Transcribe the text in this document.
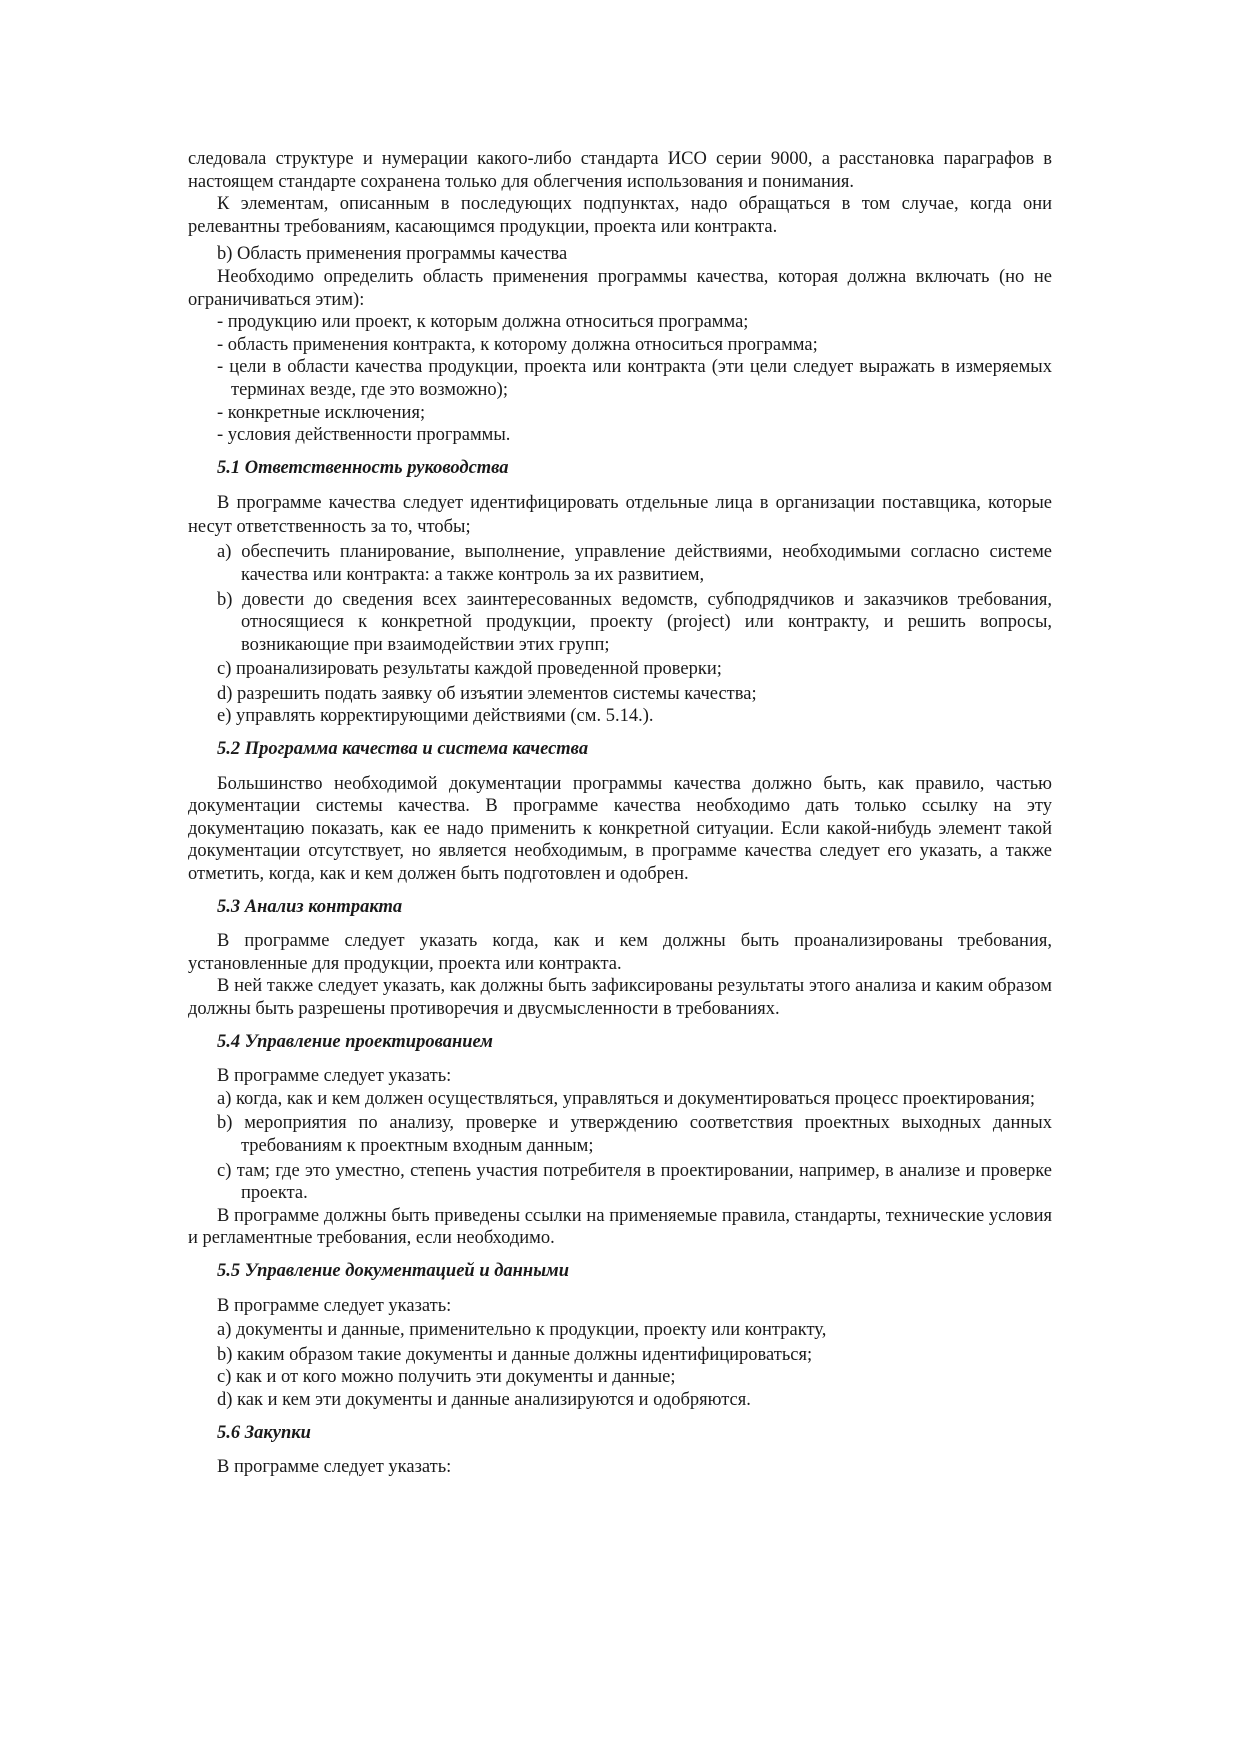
следовала структуре и нумерации какого-либо стандарта ИСО серии 9000, а расстановка параграфов в настоящем стандарте сохранена только для облегчения использования и понимания.

К элементам, описанным в последующих подпунктах, надо обращаться в том случае, когда они релевантны требованиям, касающимся продукции, проекта или контракта.

b) Область применения программы качества

Необходимо определить область применения программы качества, которая должна включать (но не ограничиваться этим):

- продукцию или проект, к которым должна относиться программа;

- область применения контракта, к которому должна относиться программа;

- цели в области качества продукции, проекта или контракта (эти цели следует выражать в измеряемых терминах везде, где это возможно);

- конкретные исключения;

- условия действенности программы.

5.1 Ответственность руководства

В программе качества следует идентифицировать отдельные лица в организации поставщика, которые несут ответственность за то, чтобы;

а) обеспечить планирование, выполнение, управление действиями, необходимыми согласно системе качества или контракта: а также контроль за их развитием,

b) довести до сведения всех заинтересованных ведомств, субподрядчиков и заказчиков требования, относящиеся к конкретной продукции, проекту (project) или контракту, и решить вопросы, возникающие при взаимодействии этих групп;

c) проанализировать результаты каждой проведенной проверки;

d) разрешить подать заявку об изъятии элементов системы качества;

e) управлять корректирующими действиями (см. 5.14.).

5.2 Программа качества и система качества

Большинство необходимой документации программы качества должно быть, как правило, частью документации системы качества. В программе качества необходимо дать только ссылку на эту документацию показать, как ее надо применить к конкретной ситуации. Если какой-нибудь элемент такой документации отсутствует, но является необходимым, в программе качества следует его указать, а также отметить, когда, как и кем должен быть подготовлен и одобрен.

5.3 Анализ контракта

В программе следует указать когда, как и кем должны быть проанализированы требования, установленные для продукции, проекта или контракта.

В ней также следует указать, как должны быть зафиксированы результаты этого анализа и каким образом должны быть разрешены противоречия и двусмысленности в требованиях.

5.4 Управление проектированием

В программе следует указать:

а) когда, как и кем должен осуществляться, управляться и документироваться процесс проектирования;

b) мероприятия по анализу, проверке и утверждению соответствия проектных выходных данных требованиям к проектным входным данным;

c) там; где это уместно, степень участия потребителя в проектировании, например, в анализе и проверке проекта.

В программе должны быть приведены ссылки на применяемые правила, стандарты, технические условия и регламентные требования, если необходимо.

5.5 Управление документацией и данными

В программе следует указать:

а) документы и данные, применительно к продукции, проекту или контракту,

b) каким образом такие документы и данные должны идентифицироваться;

с) как и от кого можно получить эти документы и данные;

d) как и кем эти документы и данные анализируются и одобряются.

5.6 Закупки

В программе следует указать:
